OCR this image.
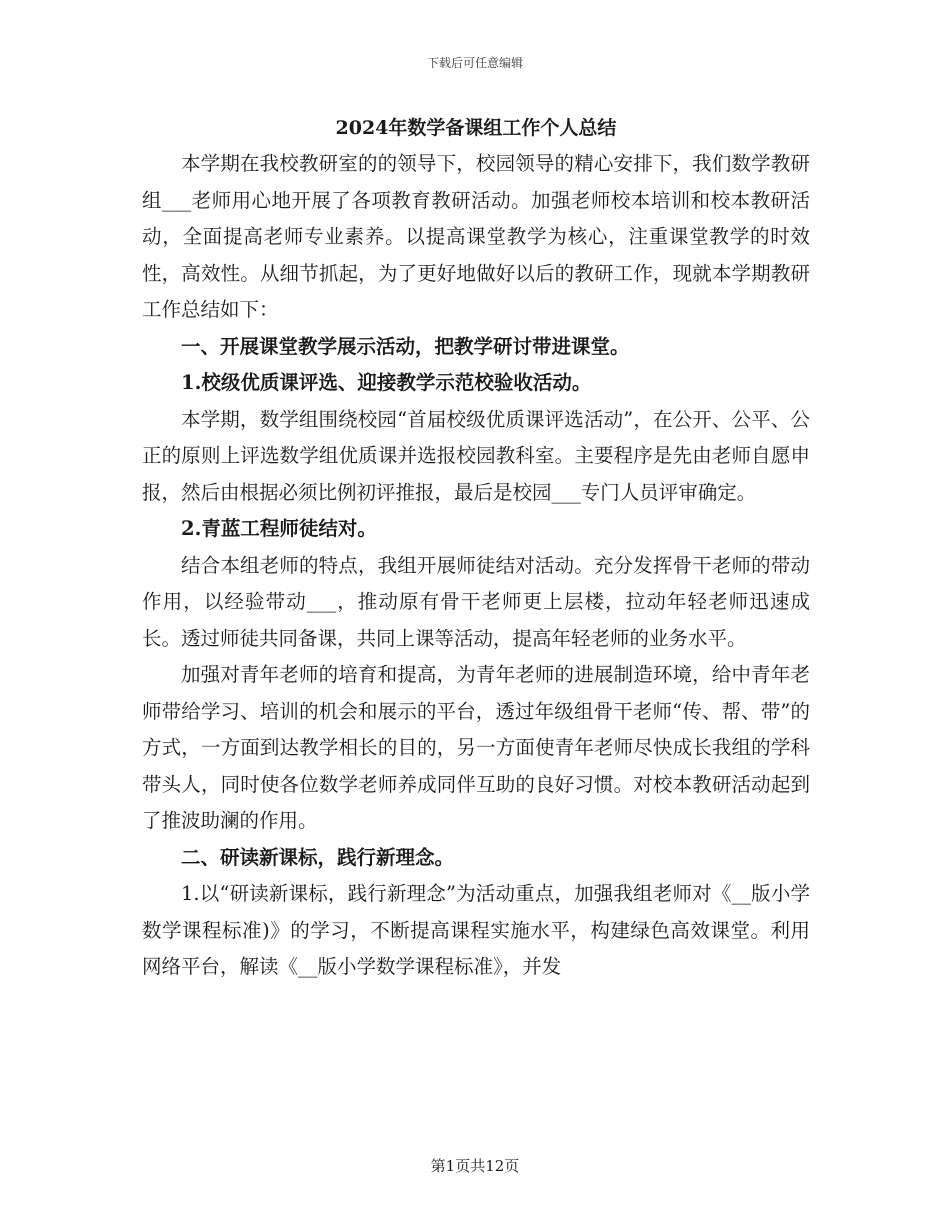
下载后可任意编辑
2024年数学备课组工作个人总结

本学期在我校教研室的的领导下，校园领导的精心安排下，我们数学教研组___老师用心地开展了各项教育教研活动。加强老师校本培训和校本教研活动，全面提高老师专业素养。以提高课堂教学为核心，注重课堂教学的时效性，高效性。从细节抓起，为了更好地做好以后的教研工作，现就本学期教研工作总结如下：

一、开展课堂教学展示活动，把教学研讨带进课堂。

1.校级优质课评选、迎接教学示范校验收活动。

本学期，数学组围绕校园“首届校级优质课评选活动”，在公开、公平、公正的原则上评选数学组优质课并选报校园教科室。主要程序是先由老师自愿申报，然后由根据必须比例初评推报，最后是校园___专门人员评审确定。

2.青蓝工程师徒结对。

结合本组老师的特点，我组开展师徒结对活动。充分发挥骨干老师的带动作用，以经验带动___，推动原有骨干老师更上层楼，拉动年轻老师迅速成长。透过师徒共同备课，共同上课等活动，提高年轻老师的业务水平。

加强对青年老师的培育和提高，为青年老师的进展制造环境，给中青年老师带给学习、培训的机会和展示的平台，透过年级组骨干老师“传、帮、带”的方式，一方面到达教学相长的目的，另一方面使青年老师尽快成长我组的学科带头人，同时使各位数学老师养成同伴互助的良好习惯。对校本教研活动起到了推波助澜的作用。

二、研读新课标，践行新理念。

1.以“研读新课标，践行新理念”为活动重点，加强我组老师对《__版小学数学课程标准)》的学习，不断提高课程实施水平，构建绿色高效课堂。利用网络平台，解读《__版小学数学课程标准》，并发

第1页共12页
